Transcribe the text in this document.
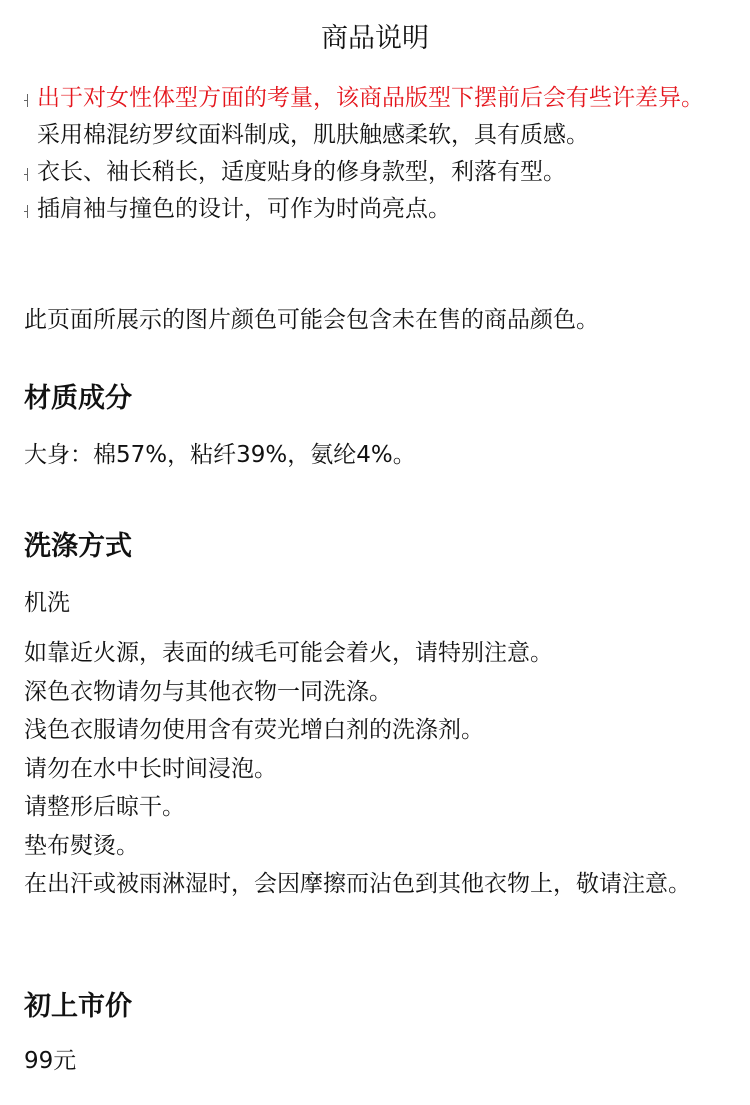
商品说明
出于对女性体型方面的考量，该商品版型下摆前后会有些许差异。
采用棉混纺罗纹面料制成，肌肤触感柔软，具有质感。
衣长、袖长稍长，适度贴身的修身款型，利落有型。
插肩袖与撞色的设计，可作为时尚亮点。
此页面所展示的图片颜色可能会包含未在售的商品颜色。
材质成分
大身：棉57%，粘纤39%，氨纶4%。
洗涤方式
机洗
如靠近火源，表面的绒毛可能会着火，请特别注意。
深色衣物请勿与其他衣物一同洗涤。
浅色衣服请勿使用含有荧光增白剂的洗涤剂。
请勿在水中长时间浸泡。
请整形后晾干。
垫布熨烫。
在出汗或被雨淋湿时，会因摩擦而沾色到其他衣物上，敬请注意。
初上市价
99元
